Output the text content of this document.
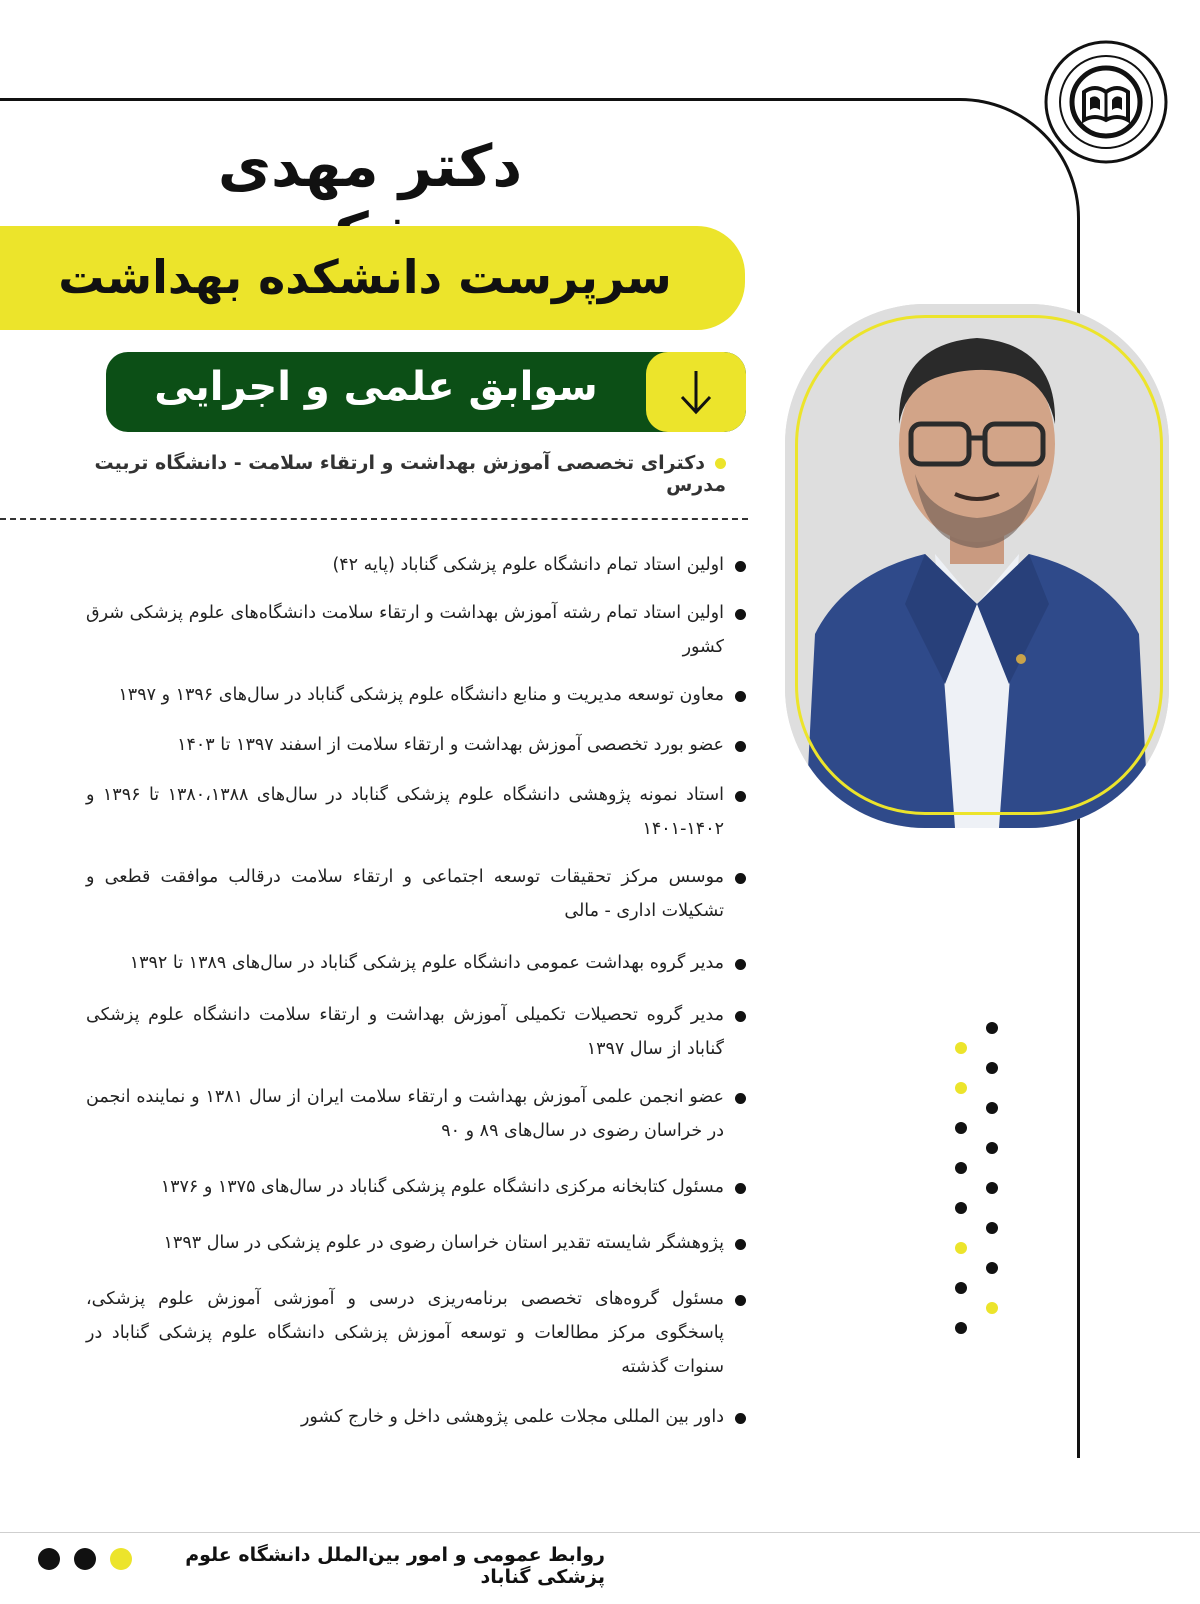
دکتر مهدی
سرپرست دانشکده بهداشت
سوابق علمی و اجرایی
دکترای تخصصی آموزش بهداشت و ارتقاء سلامت - دانشگاه تربیت مدرس
اولین استاد تمام دانشگاه علوم پزشکی گناباد (پایه ۴۲)
اولین استاد تمام رشته آموزش بهداشت و ارتقاء سلامت دانشگاه‌های علوم پزشکی شرق کشور
معاون توسعه مدیریت و منابع دانشگاه علوم پزشکی گناباد در سال‌های ۱۳۹۶ و ۱۳۹۷
عضو بورد تخصصی آموزش بهداشت و ارتقاء سلامت از اسفند ۱۳۹۷ تا ۱۴۰۳
استاد نمونه پژوهشی دانشگاه علوم پزشکی گناباد در سال‌های ۱۳۸۰،۱۳۸۸ تا ۱۳۹۶ و ۱۴۰۲-۱۴۰۱
موسس مرکز تحقیقات توسعه اجتماعی و ارتقاء سلامت درقالب موافقت قطعی و تشکیلات اداری - مالی
مدیر گروه بهداشت عمومی دانشگاه علوم پزشکی گناباد در سال‌های ۱۳۸۹ تا ۱۳۹۲
مدیر گروه تحصیلات تکمیلی آموزش بهداشت و ارتقاء سلامت دانشگاه علوم پزشکی گناباد از سال ۱۳۹۷
عضو انجمن علمی آموزش بهداشت و ارتقاء سلامت ایران از سال ۱۳۸۱ و نماینده انجمن در خراسان رضوی در سال‌های ۸۹ و ۹۰
مسئول کتابخانه مرکزی دانشگاه علوم پزشکی گناباد در سال‌های ۱۳۷۵ و ۱۳۷۶
پژوهشگر شایسته تقدیر استان خراسان رضوی در علوم پزشکی در سال ۱۳۹۳
مسئول گروه‌های تخصصی برنامه‌ریزی درسی و آموزشی آموزش علوم پزشکی، پاسخگوی مرکز مطالعات و توسعه آموزش پزشکی دانشگاه علوم پزشکی گناباد در سنوات گذشته
داور بین المللی مجلات علمی پژوهشی داخل و خارج کشور
روابط عمومی و امور بین‌الملل دانشگاه علوم پزشکی گناباد
